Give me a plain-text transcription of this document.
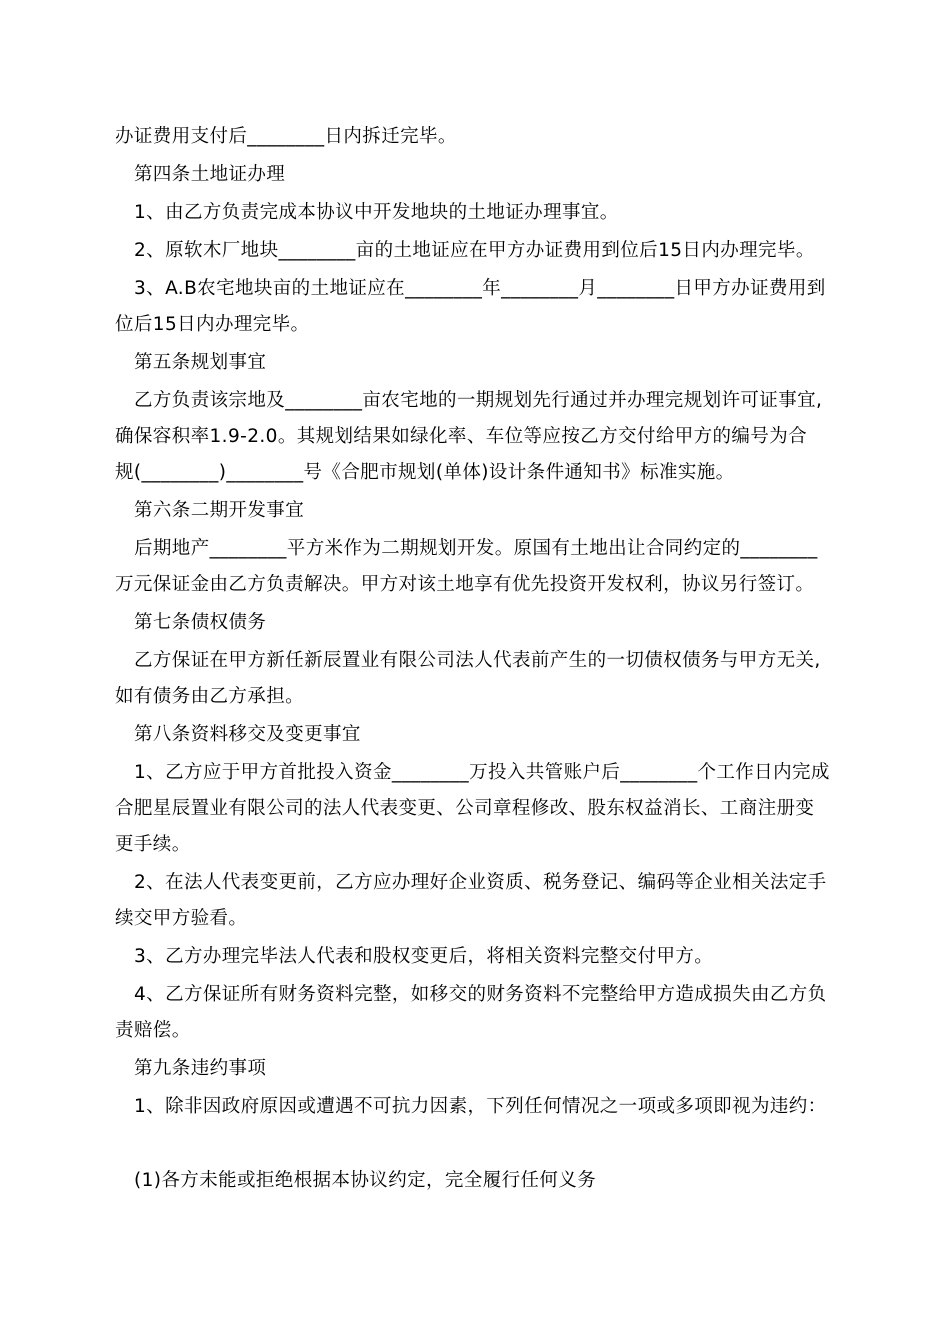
办证费用支付后________日内拆迁完毕。
第四条土地证办理
1、由乙方负责完成本协议中开发地块的土地证办理事宜。
2、原软木厂地块________亩的土地证应在甲方办证费用到位后15日内办理完毕。
3、A.B农宅地块亩的土地证应在________年________月________日甲方办证费用到
位后15日内办理完毕。
第五条规划事宜
乙方负责该宗地及________亩农宅地的一期规划先行通过并办理完规划许可证事宜,
确保容积率1.9-2.0。其规划结果如绿化率、车位等应按乙方交付给甲方的编号为合
规(________)________号《合肥市规划(单体)设计条件通知书》标准实施。
第六条二期开发事宜
后期地产________平方米作为二期规划开发。原国有土地出让合同约定的________
万元保证金由乙方负责解决。甲方对该土地享有优先投资开发权利，协议另行签订。
第七条债权债务
乙方保证在甲方新任新辰置业有限公司法人代表前产生的一切债权债务与甲方无关,
如有债务由乙方承担。
第八条资料移交及变更事宜
1、乙方应于甲方首批投入资金________万投入共管账户后________个工作日内完成
合肥星辰置业有限公司的法人代表变更、公司章程修改、股东权益消长、工商注册变
更手续。
2、在法人代表变更前，乙方应办理好企业资质、税务登记、编码等企业相关法定手
续交甲方验看。
3、乙方办理完毕法人代表和股权变更后，将相关资料完整交付甲方。
4、乙方保证所有财务资料完整，如移交的财务资料不完整给甲方造成损失由乙方负
责赔偿。
第九条违约事项
1、除非因政府原因或遭遇不可抗力因素，下列任何情况之一项或多项即视为违约：
(1)各方未能或拒绝根据本协议约定，完全履行任何义务
